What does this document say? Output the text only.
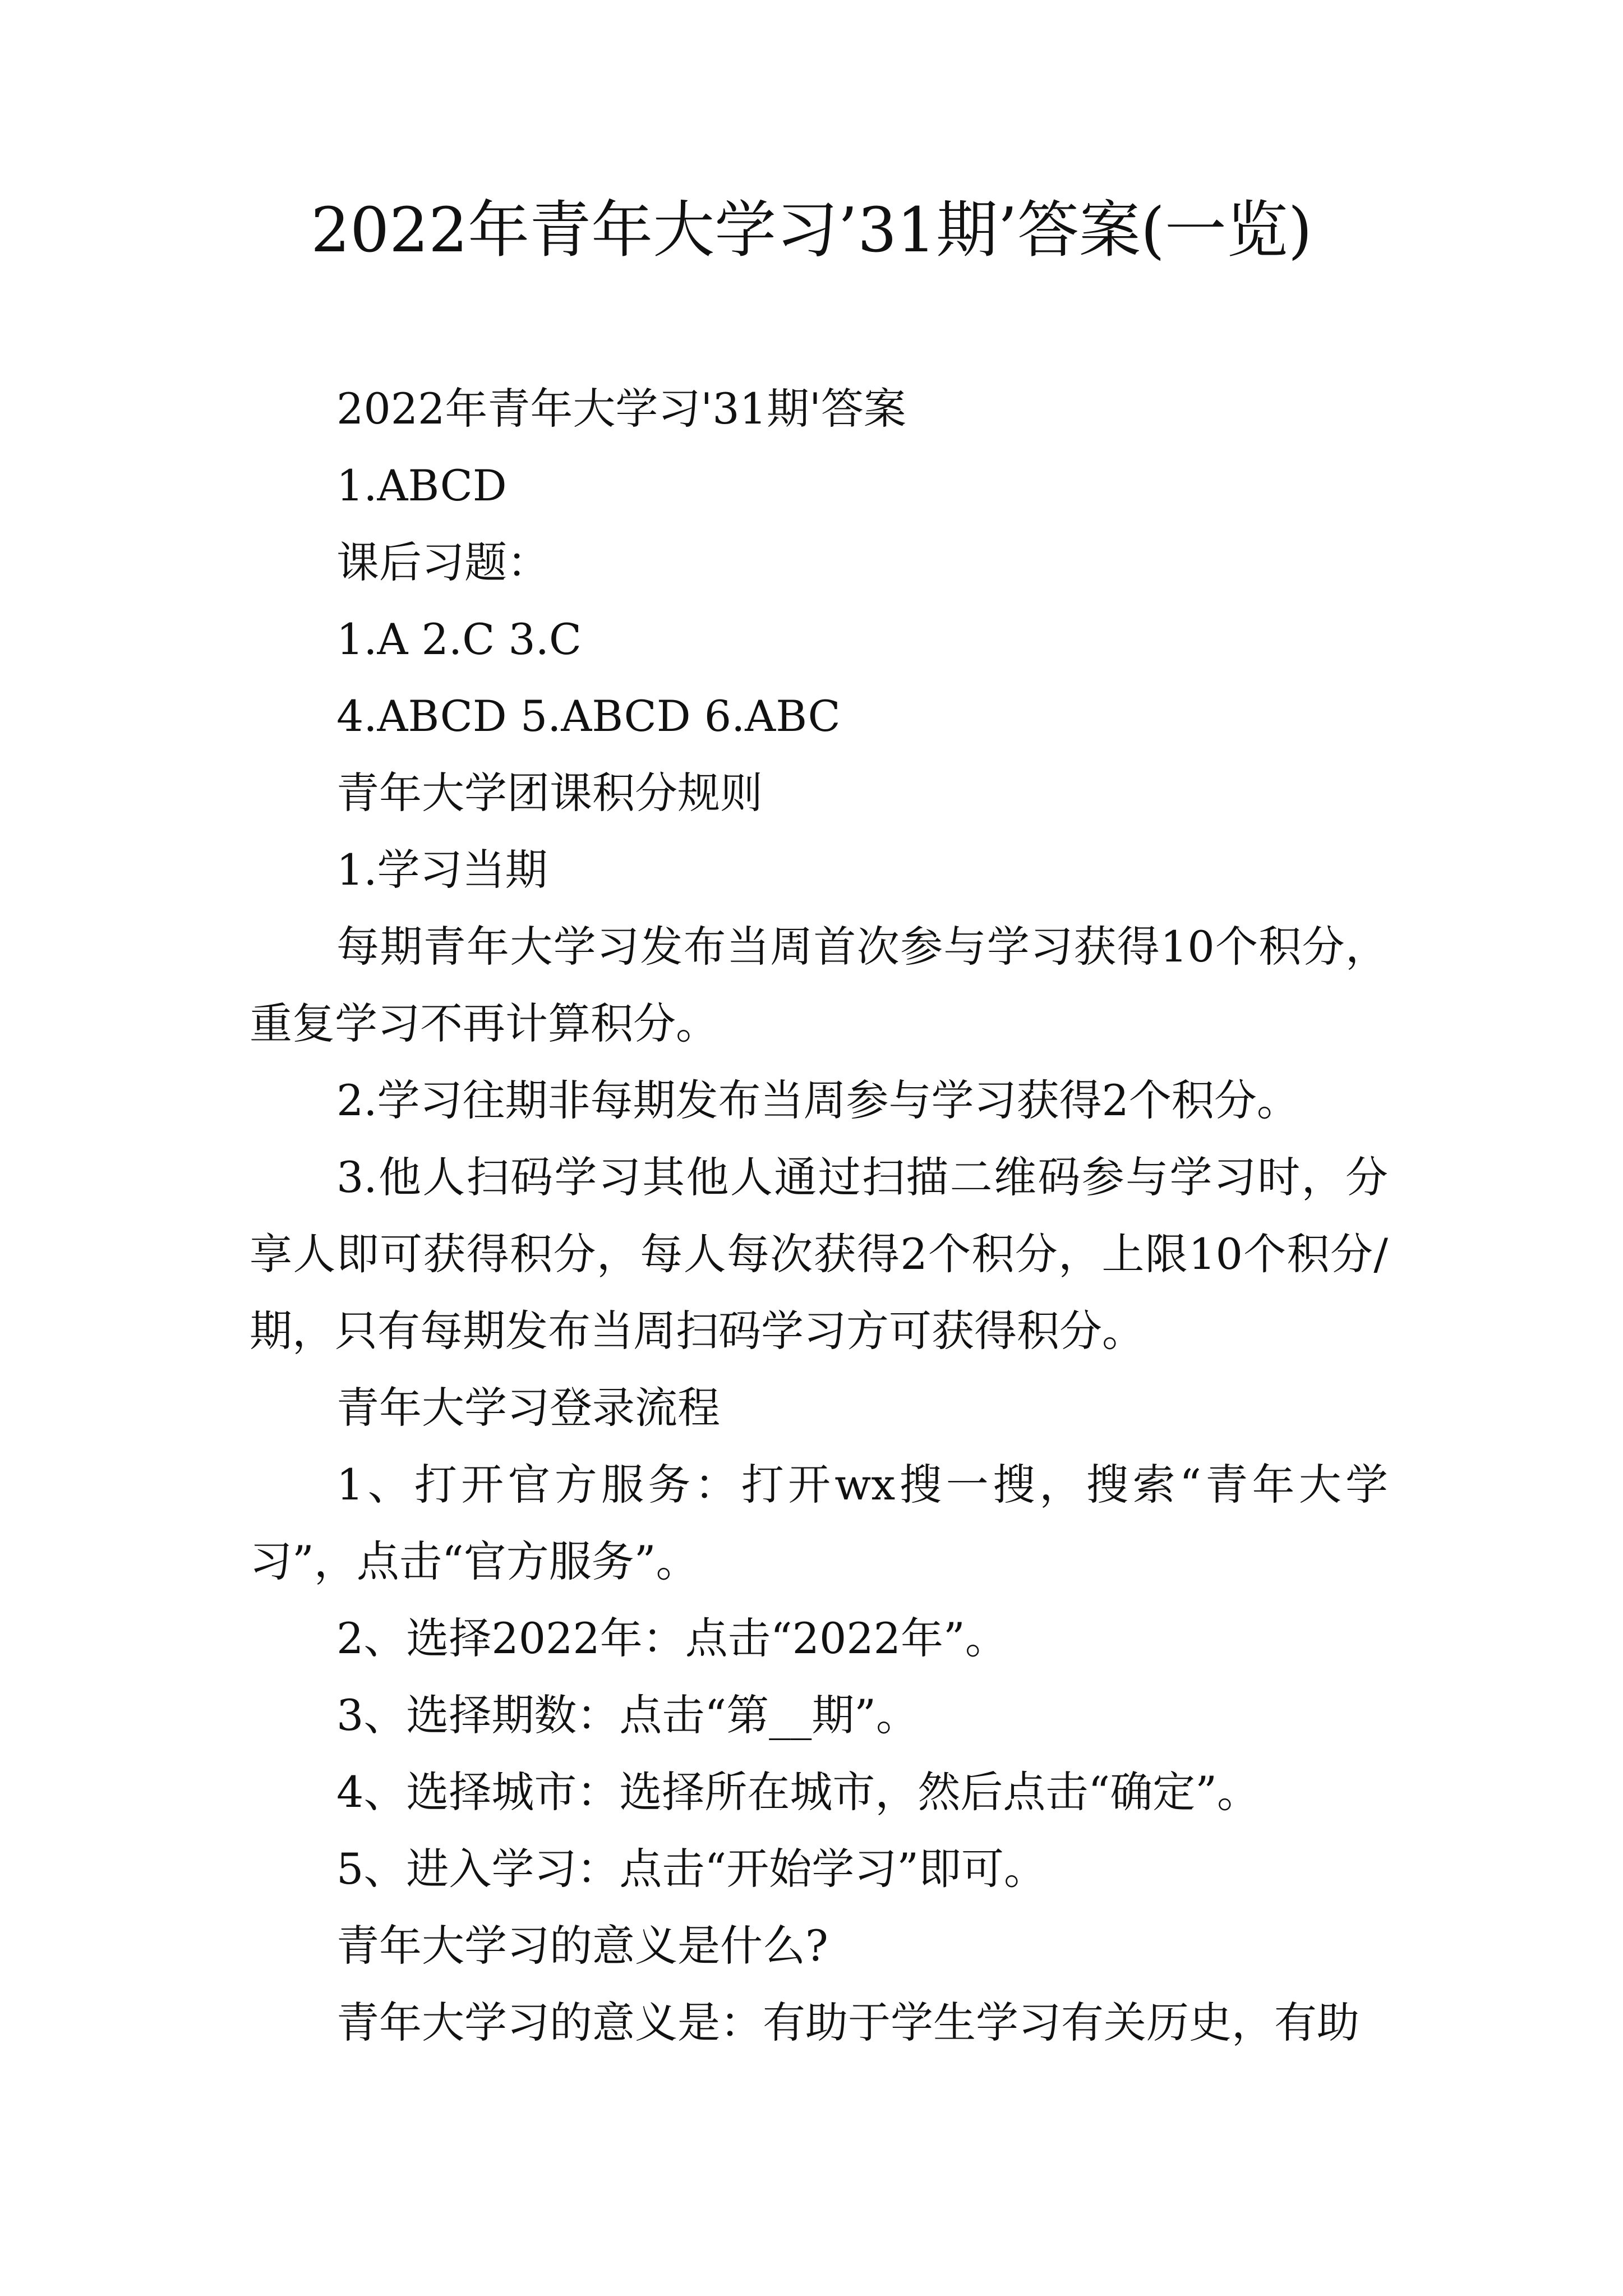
2022年青年大学习’31期’答案(一览)

2022年青年大学习'31期'答案

1.ABCD

课后习题：

1.A 2.C 3.C

4.ABCD 5.ABCD 6.ABC

青年大学团课积分规则

1.学习当期

每期青年大学习发布当周首次参与学习获得10个积分，重复学习不再计算积分。

2.学习往期非每期发布当周参与学习获得2个积分。

3.他人扫码学习其他人通过扫描二维码参与学习时，分享人即可获得积分，每人每次获得2个积分，上限10个积分/期，只有每期发布当周扫码学习方可获得积分。

青年大学习登录流程

1、打开官方服务：打开wx搜一搜，搜索“青年大学习”，点击“官方服务”。

2、选择2022年：点击“2022年”。

3、选择期数：点击“第__期”。

4、选择城市：选择所在城市，然后点击“确定”。

5、进入学习：点击“开始学习”即可。

青年大学习的意义是什么?

青年大学习的意义是：有助于学生学习有关历史，有助
